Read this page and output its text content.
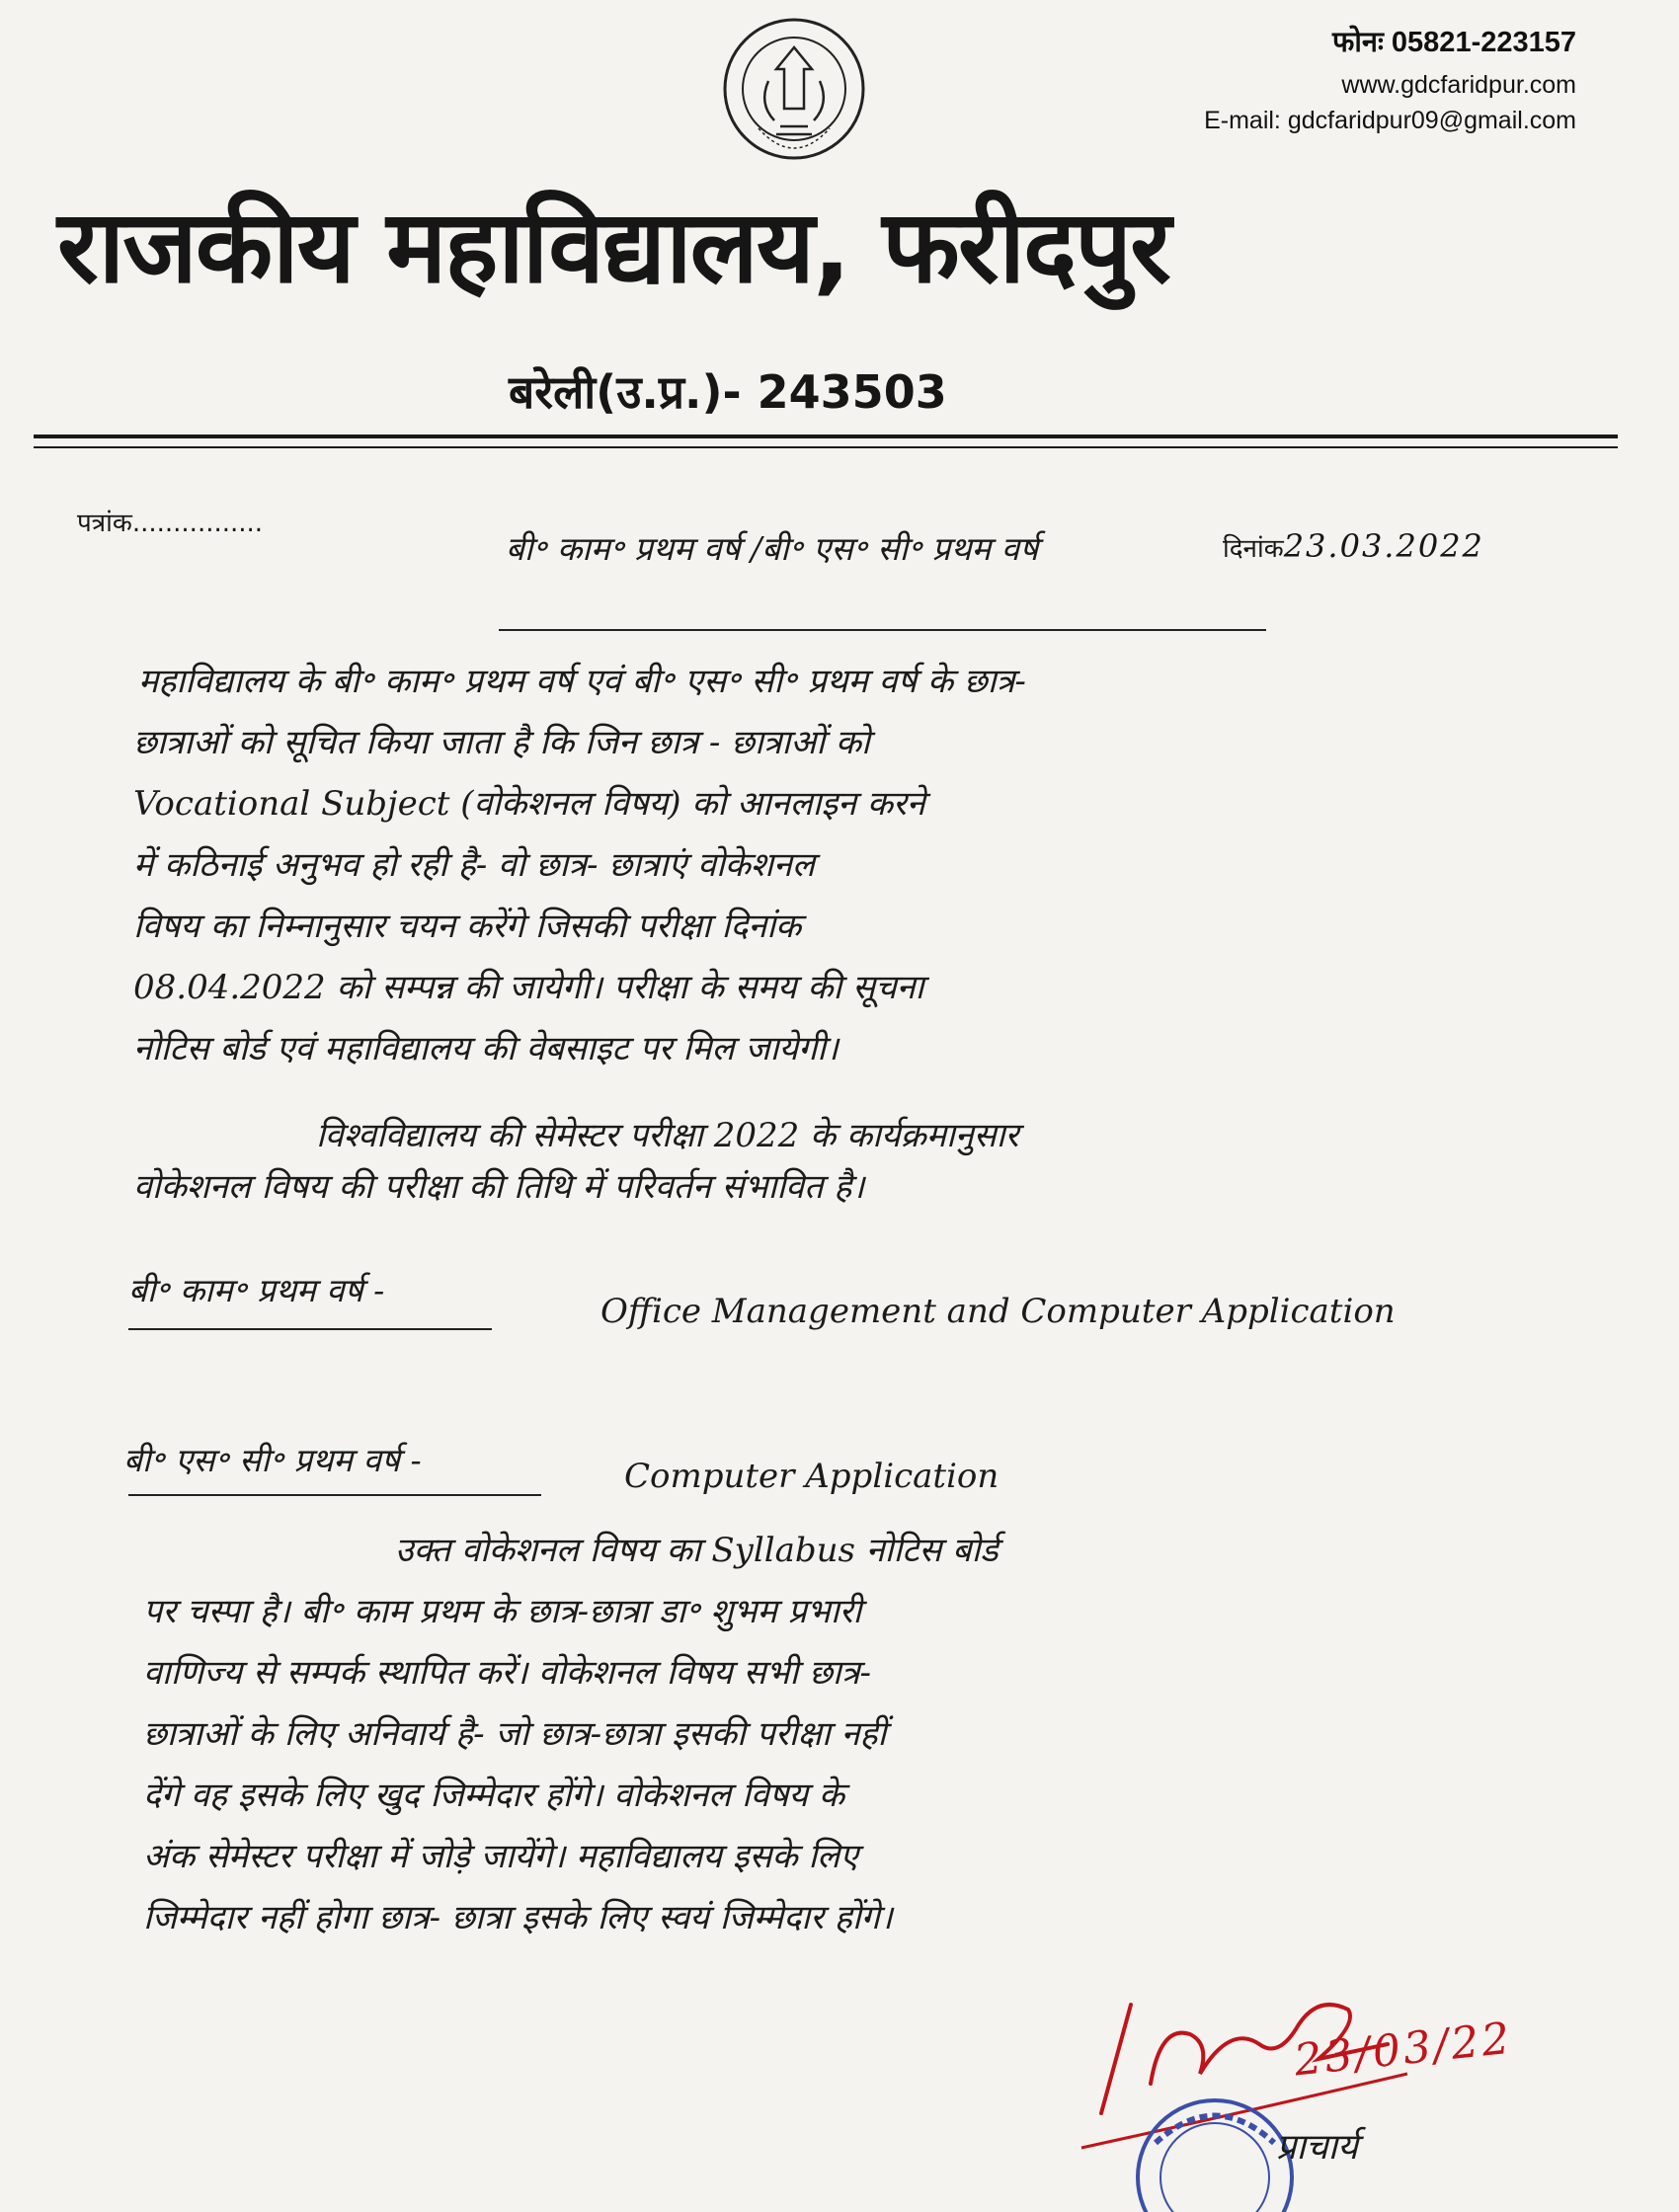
फोनः 05821-223157
www.gdcfaridpur.com
E-mail: gdcfaridpur09@gmail.com
राजकीय महाविद्यालय, फरीदपुर
बरेली(उ.प्र.)- 243503
पत्रांक................
दिनांक23.03.2022
बी॰ काम॰ प्रथम वर्ष /बी॰ एस॰ सी॰ प्रथम वर्ष
महाविद्यालय के बी॰ काम॰ प्रथम वर्ष एवं बी॰ एस॰ सी॰ प्रथम वर्ष के छात्र-
छात्राओं को सूचित किया जाता है कि जिन छात्र - छात्राओं को
Vocational Subject (वोकेशनल विषय) को आनलाइन करने
में कठिनाई अनुभव हो रही है- वो छात्र- छात्राएं वोकेशनल
विषय का निम्नानुसार चयन करेंगे जिसकी परीक्षा दिनांक
08.04.2022 को सम्पन्न की जायेगी। परीक्षा के समय की सूचना
नोटिस बोर्ड एवं महाविद्यालय की वेबसाइट पर मिल जायेगी।
विश्वविद्यालय की सेमेस्टर परीक्षा 2022 के कार्यक्रमानुसार
वोकेशनल विषय की परीक्षा की तिथि में परिवर्तन संभावित है।
बी॰ काम॰ प्रथम वर्ष -
Office Management and Computer Application
बी॰ एस॰ सी॰ प्रथम वर्ष -	Computer Application
उक्त वोकेशनल विषय का Syllabus नोटिस बोर्ड
पर चस्पा है। बी॰ काम प्रथम के छात्र-छात्रा डा॰ शुभम प्रभारी
वाणिज्य से सम्पर्क स्थापित करें। वोकेशनल विषय सभी छात्र-
छात्राओं के लिए अनिवार्य है- जो छात्र-छात्रा इसकी परीक्षा नहीं
देंगे वह इसके लिए खुद जिम्मेदार होंगे। वोकेशनल विषय के
अंक सेमेस्टर परीक्षा में जोड़े जायेंगे। महाविद्यालय इसके लिए
जिम्मेदार नहीं होगा छात्र- छात्रा इसके लिए स्वयं जिम्मेदार होंगे।
23/03/22
प्राचार्य
